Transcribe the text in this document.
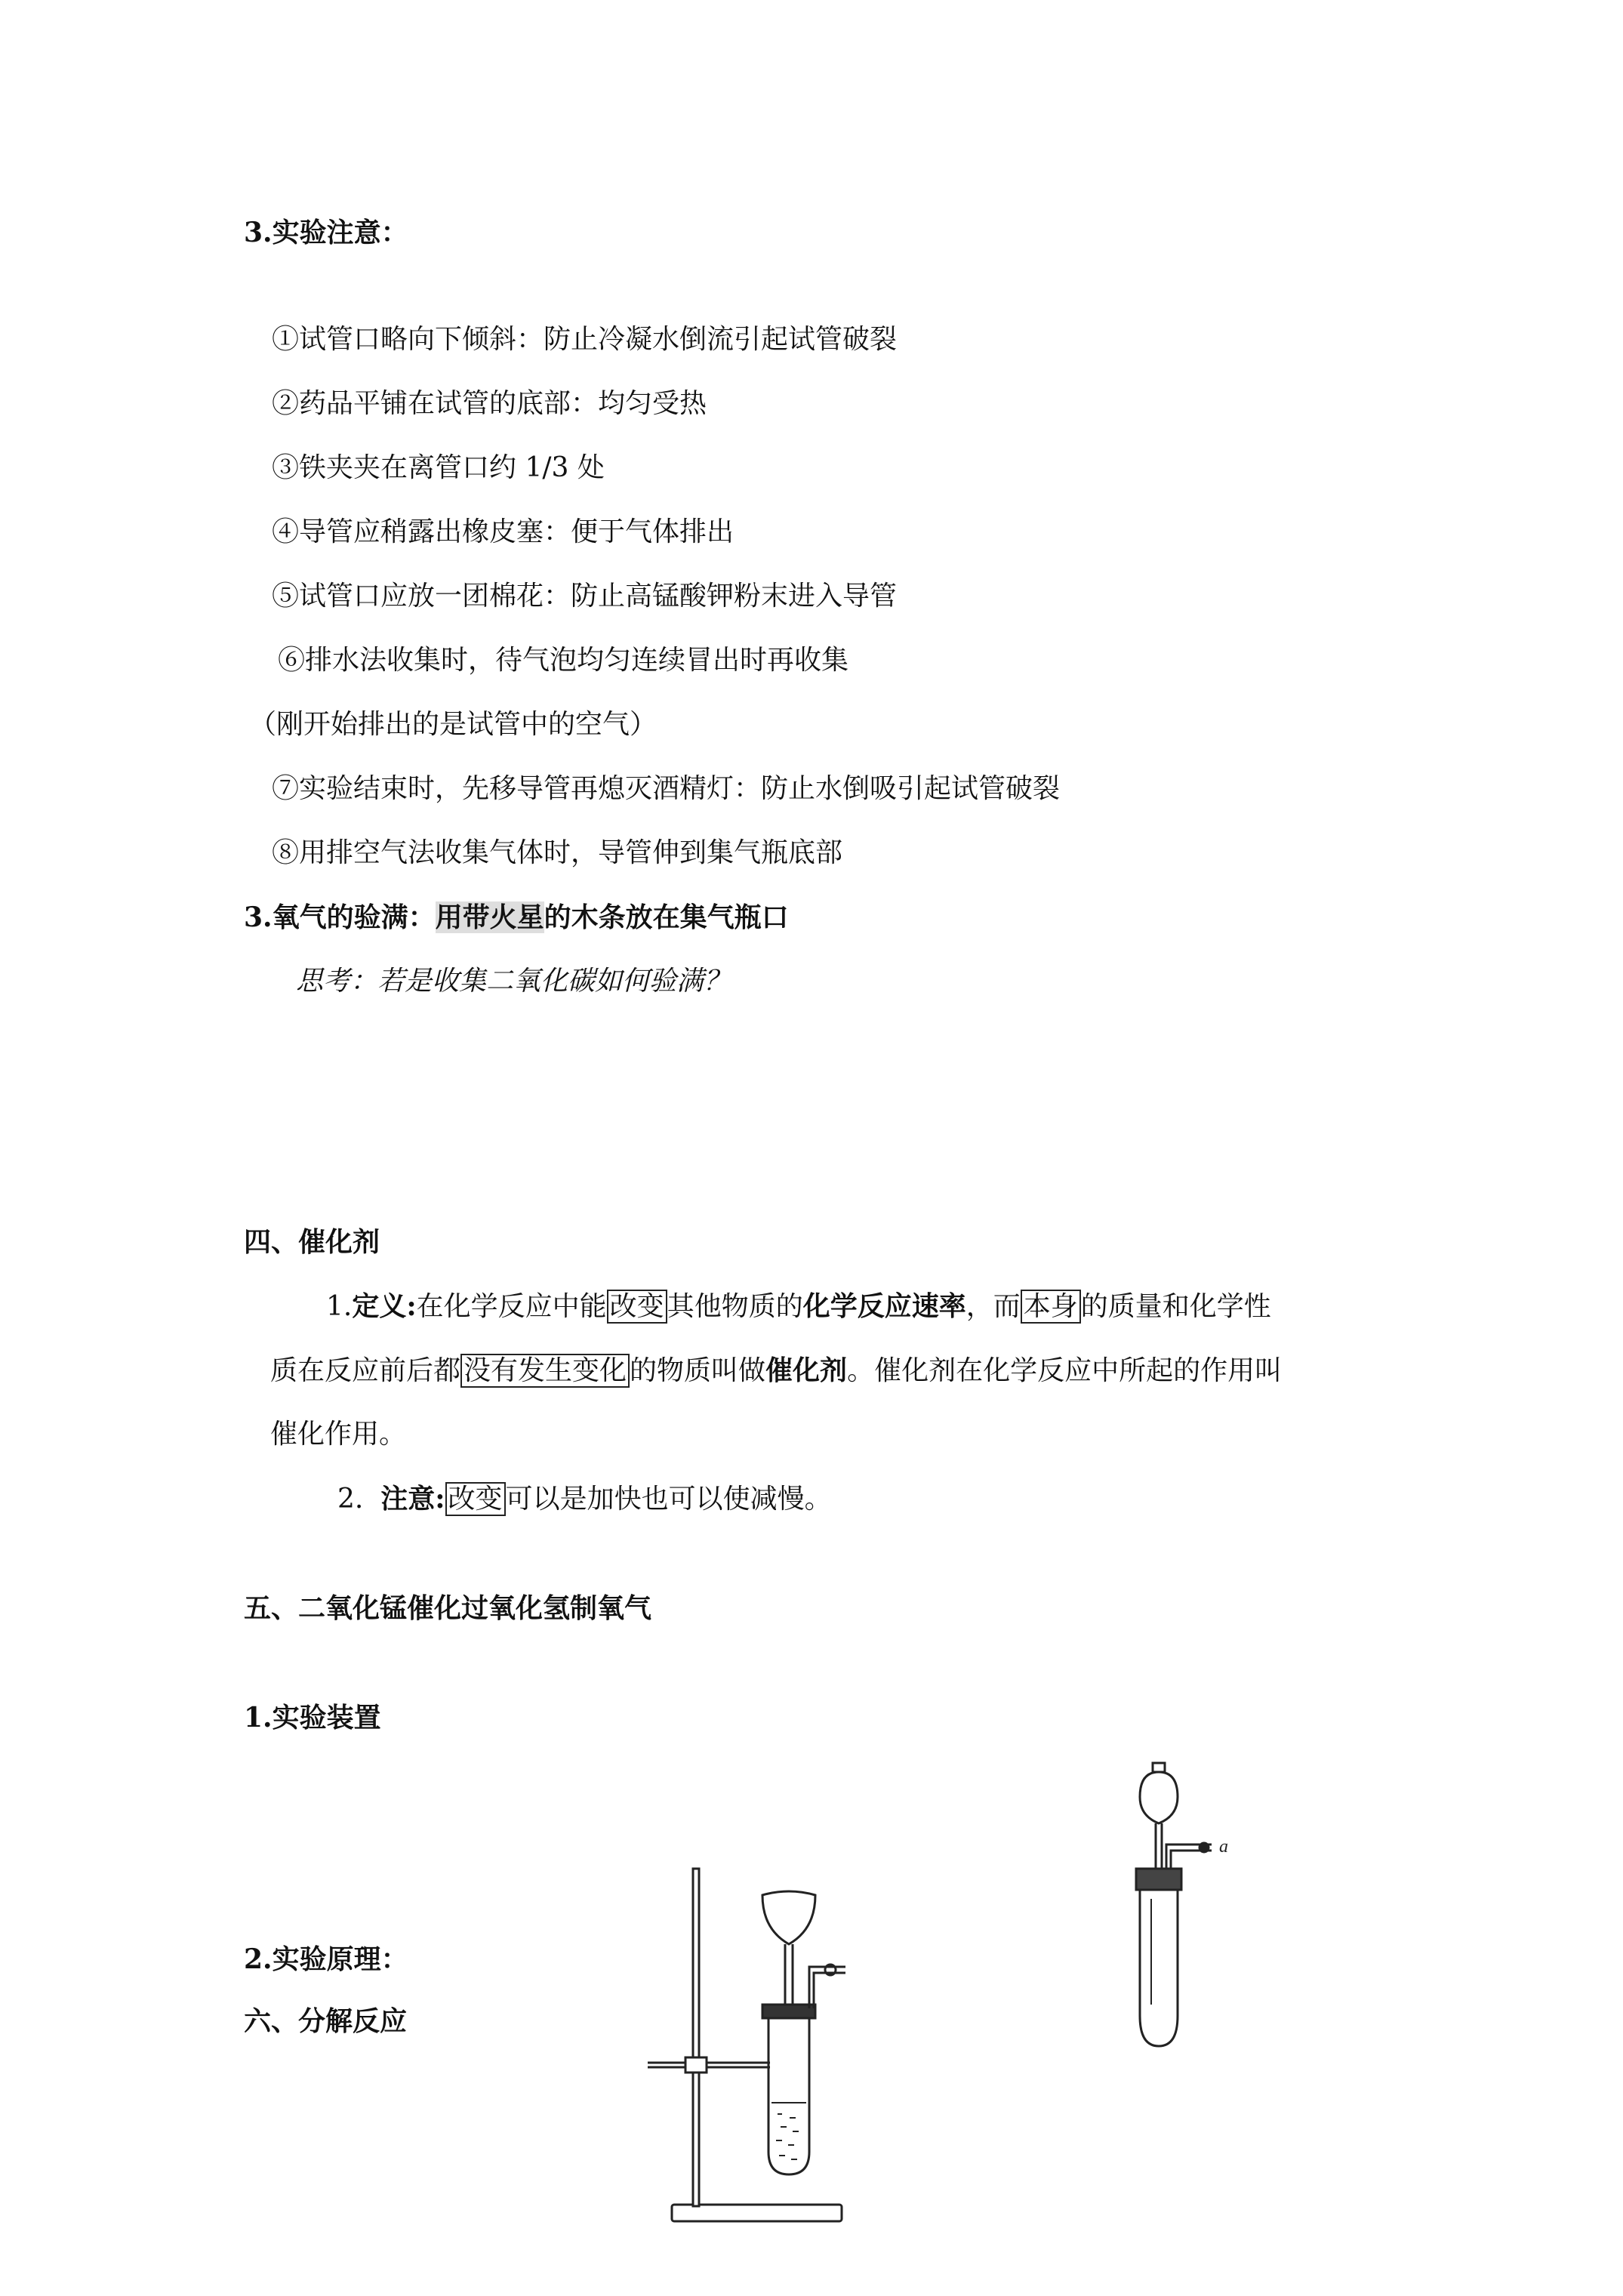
3.实验注意：
①试管口略向下倾斜：防止冷凝水倒流引起试管破裂
②药品平铺在试管的底部：均匀受热
③铁夹夹在离管口约 1/3 处
④导管应稍露出橡皮塞：便于气体排出
⑤试管口应放一团棉花：防止高锰酸钾粉末进入导管
⑥排水法收集时，待气泡均匀连续冒出时再收集
（刚开始排出的是试管中的空气）
⑦实验结束时，先移导管再熄灭酒精灯：防止水倒吸引起试管破裂
⑧用排空气法收集气体时，导管伸到集气瓶底部
3.氧气的验满：用带火星的木条放在集气瓶口
思考：若是收集二氧化碳如何验满？
四、催化剂
1.定义:在化学反应中能 改变 其他物质的化学反应速率，而 本身 的质量和化学性
质在反应前后都 没有发生变化 的物质叫做催化剂。催化剂在化学反应中所起的作用叫
催化作用。
2. 注意: 改变 可以是加快也可以使减慢。
五、二氧化锰催化过氧化氢制氧气
1.实验装置
2.实验原理：
六、分解反应
a
